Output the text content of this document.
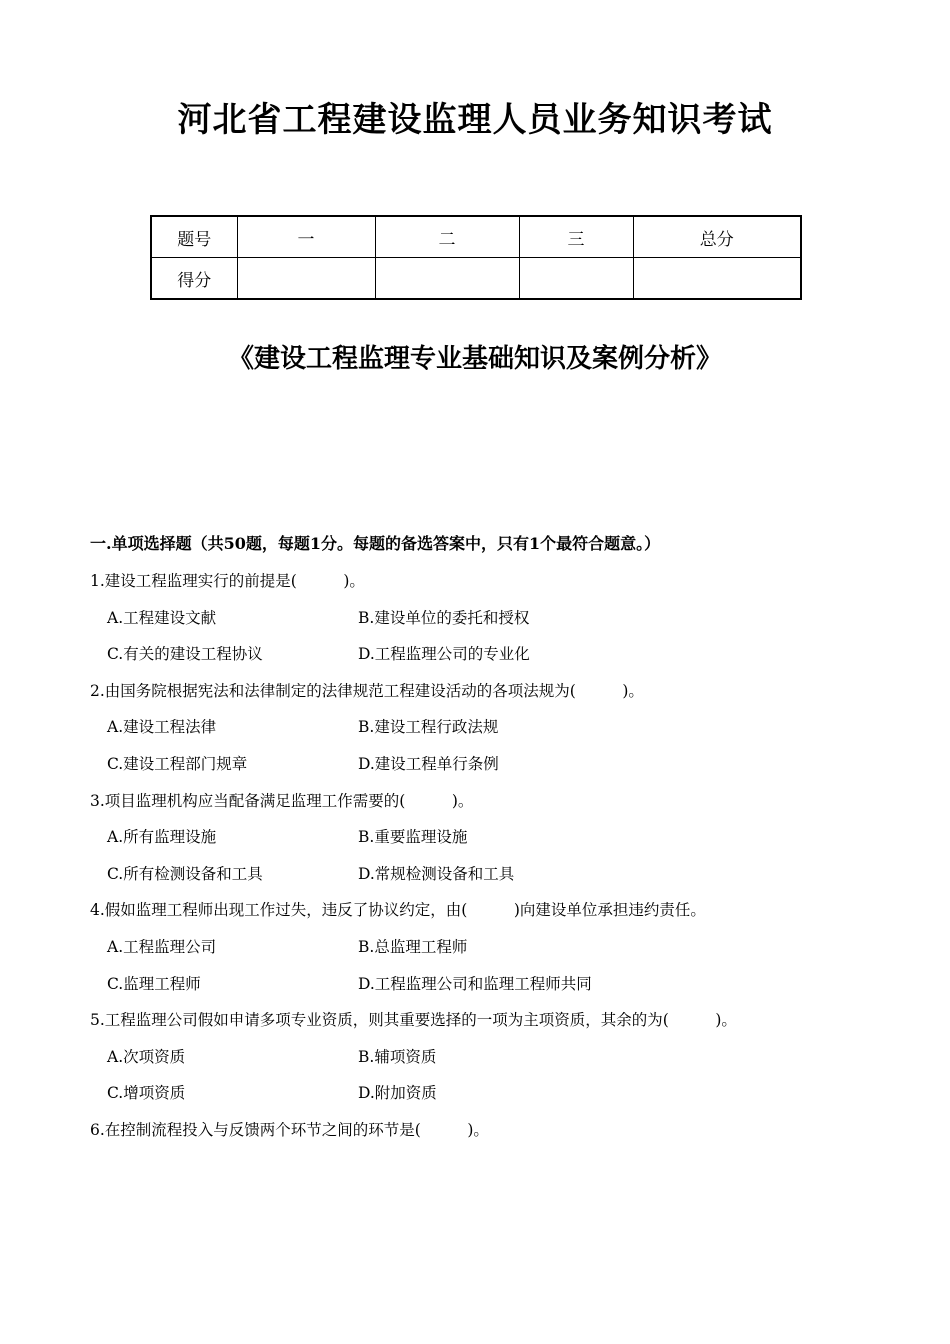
河北省工程建设监理人员业务知识考试
题号	一	二	三	总分
得分				
《建设工程监理专业基础知识及案例分析》
一.单项选择题（共50题，每题1分。每题的备选答案中，只有1个最符合题意。）
1.建设工程监理实行的前提是(　　　)。
A.工程建设文献	B.建设单位的委托和授权
C.有关的建设工程协议	D.工程监理公司的专业化
2.由国务院根据宪法和法律制定的法律规范工程建设活动的各项法规为(　　　)。
A.建设工程法律	B.建设工程行政法规
C.建设工程部门规章	D.建设工程单行条例
3.项目监理机构应当配备满足监理工作需要的(　　　)。
A.所有监理设施	B.重要监理设施
C.所有检测设备和工具	D.常规检测设备和工具
4.假如监理工程师出现工作过失，违反了协议约定，由(　　　)向建设单位承担违约责任。
A.工程监理公司	B.总监理工程师
C.监理工程师	D.工程监理公司和监理工程师共同
5.工程监理公司假如申请多项专业资质，则其重要选择的一项为主项资质，其余的为(　　　)。
A.次项资质	B.辅项资质
C.增项资质	D.附加资质
6.在控制流程投入与反馈两个环节之间的环节是(　　　)。
